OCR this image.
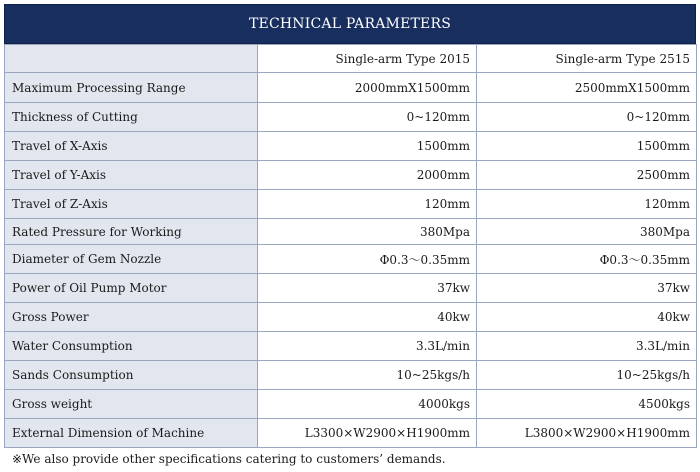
TECHNICAL PARAMETERS
	Single-arm Type 2015	Single-arm Type 2515
Maximum Processing Range	2000mmX1500mm	2500mmX1500mm
Thickness of Cutting	0~120mm	0~120mm
Travel of X-Axis	1500mm	1500mm
Travel of Y-Axis	2000mm	2500mm
Travel of Z-Axis	120mm	120mm
Rated Pressure for Working	380Mpa	380Mpa
Diameter of Gem Nozzle	Φ0.3～0.35mm	Φ0.3～0.35mm
Power of Oil Pump Motor	37kw	37kw
Gross Power	40kw	40kw
Water Consumption	3.3L/min	3.3L/min
Sands Consumption	10~25kgs/h	10~25kgs/h
Gross weight	4000kgs	4500kgs
External Dimension of Machine	L3300×W2900×H1900mm	L3800×W2900×H1900mm
※We also provide other specifications catering to customers’ demands.
